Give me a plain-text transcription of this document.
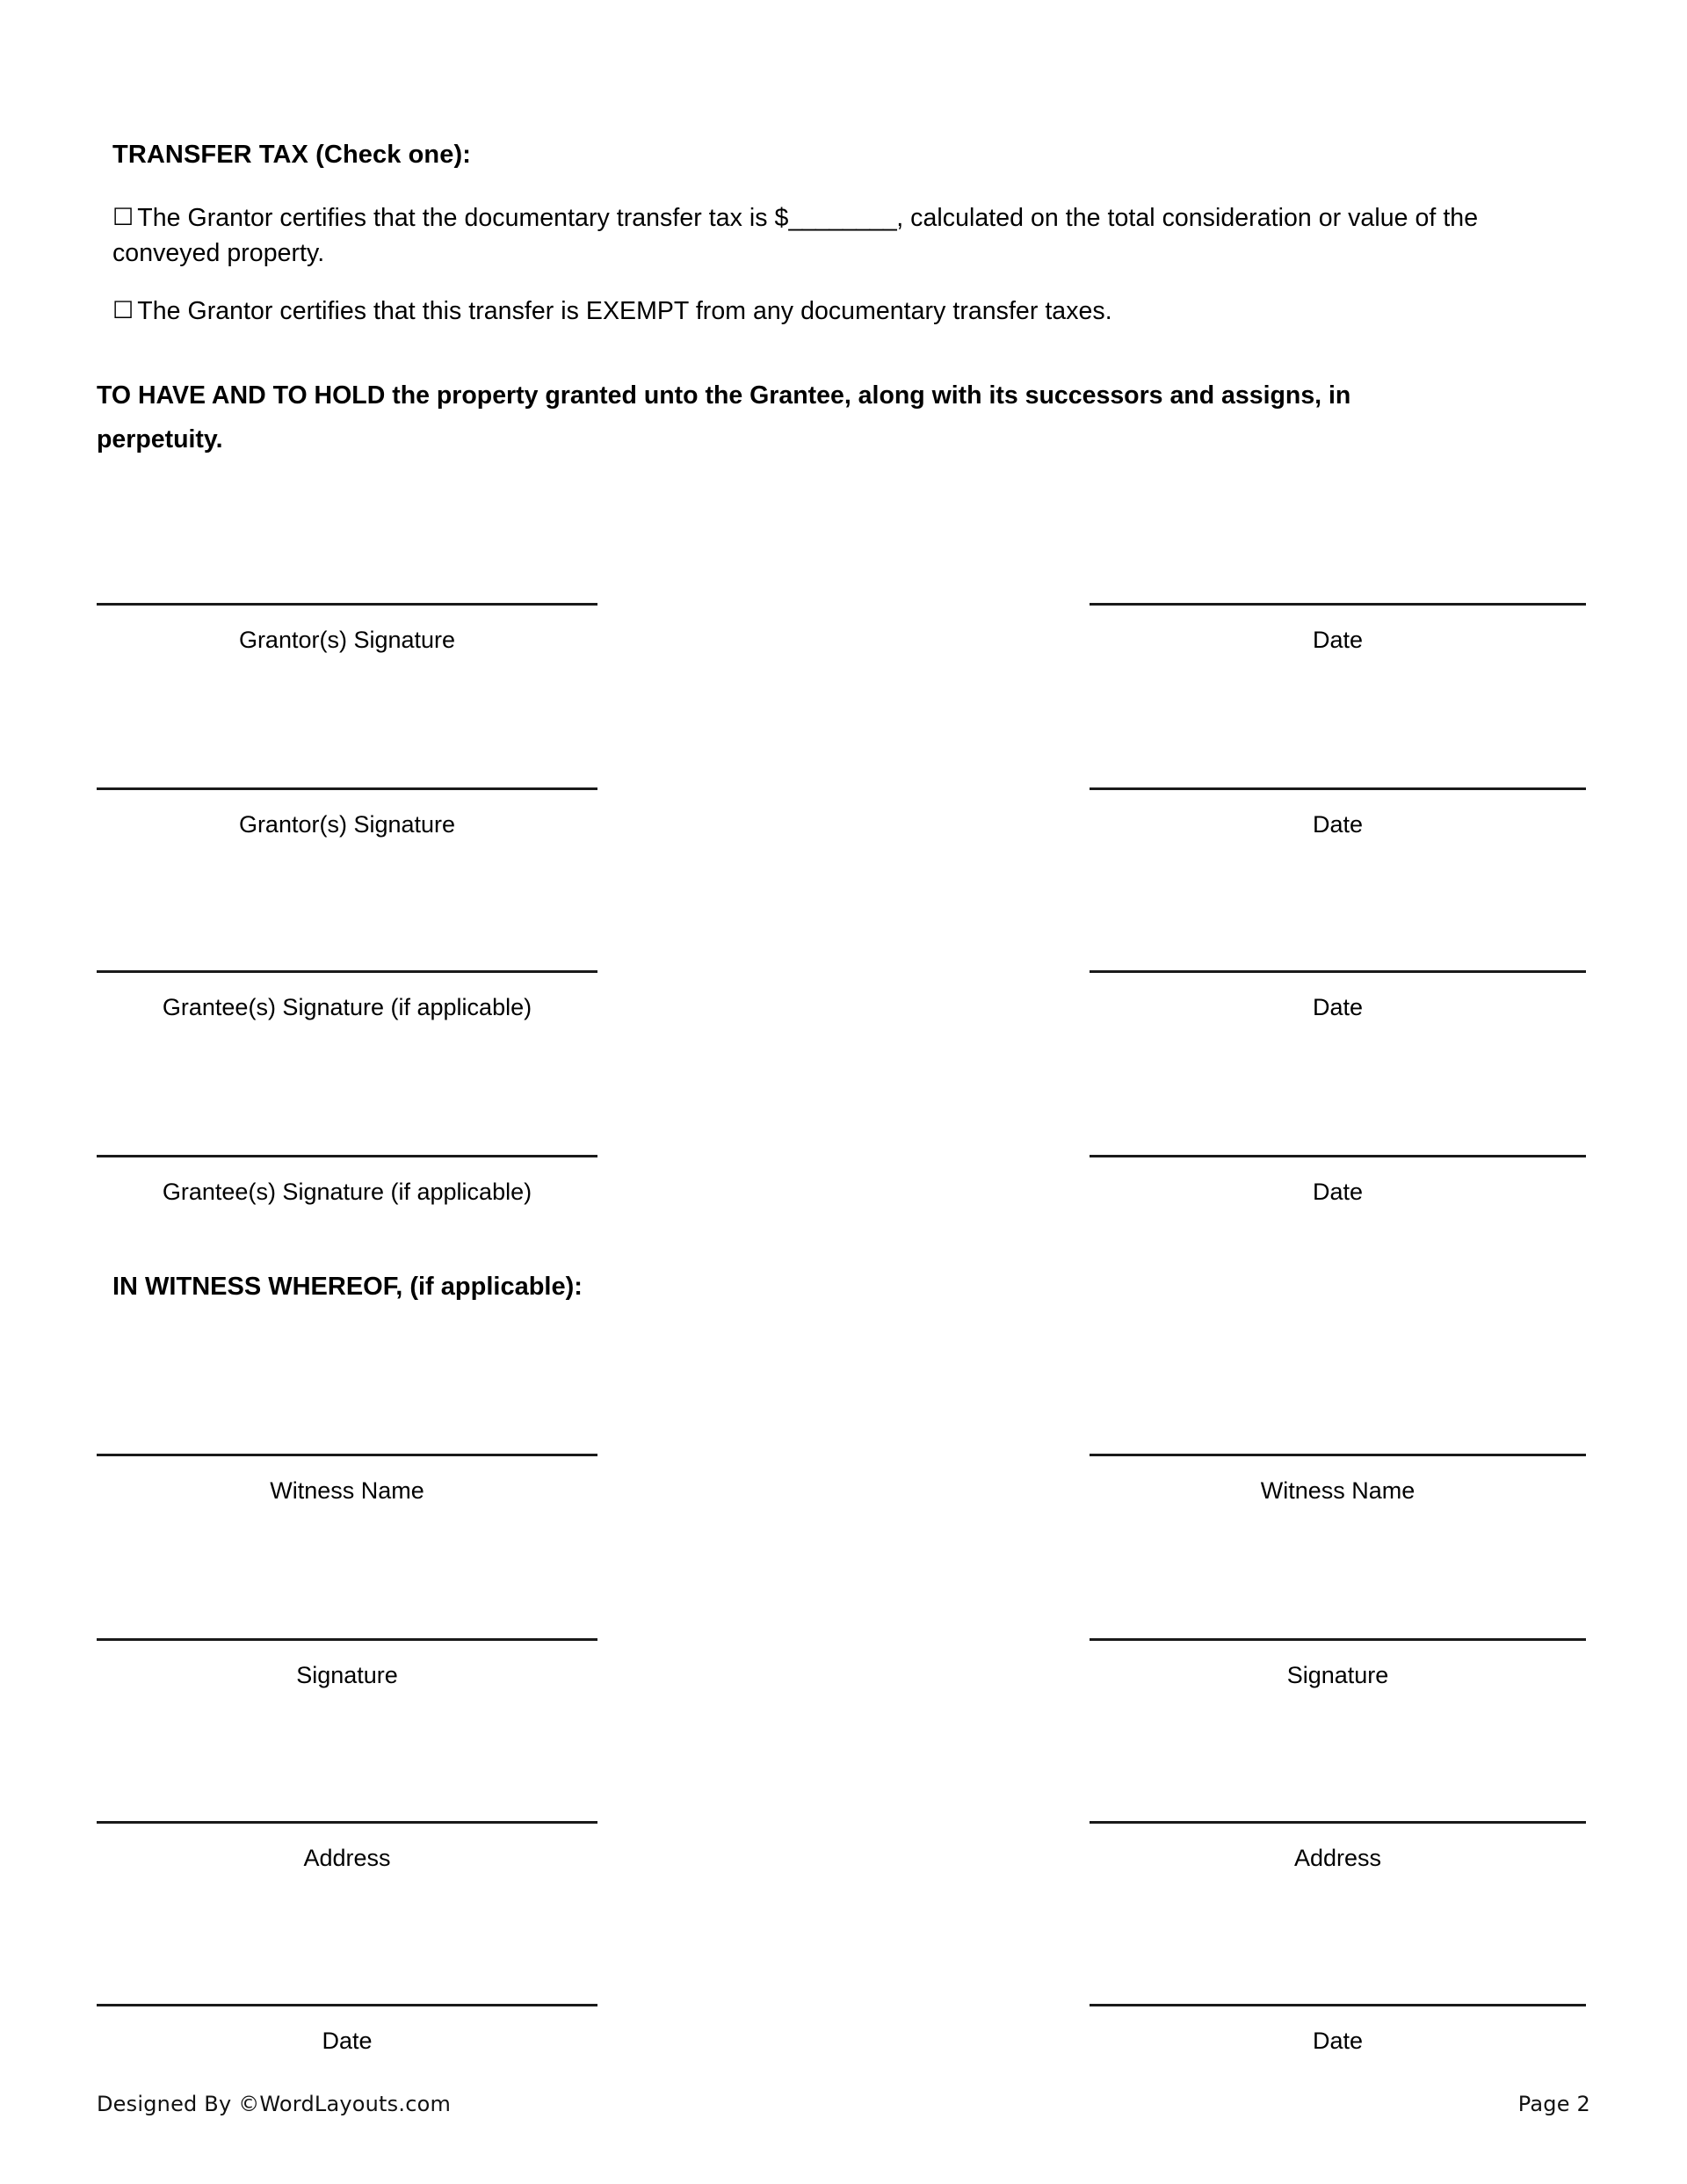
TRANSFER TAX (Check one):

☐ The Grantor certifies that the documentary transfer tax is $________, calculated on the total consideration or value of the conveyed property.

☐ The Grantor certifies that this transfer is EXEMPT from any documentary transfer taxes.

TO HAVE AND TO HOLD the property granted unto the Grantee, along with its successors and assigns, in perpetuity.

Grantor(s) Signature	Date
Grantor(s) Signature	Date
Grantee(s) Signature (if applicable)	Date
Grantee(s) Signature (if applicable)	Date

IN WITNESS WHEREOF, (if applicable):

Witness Name	Witness Name
Signature	Signature
Address	Address
Date	Date
Designed By ©WordLayouts.com	Page 2
